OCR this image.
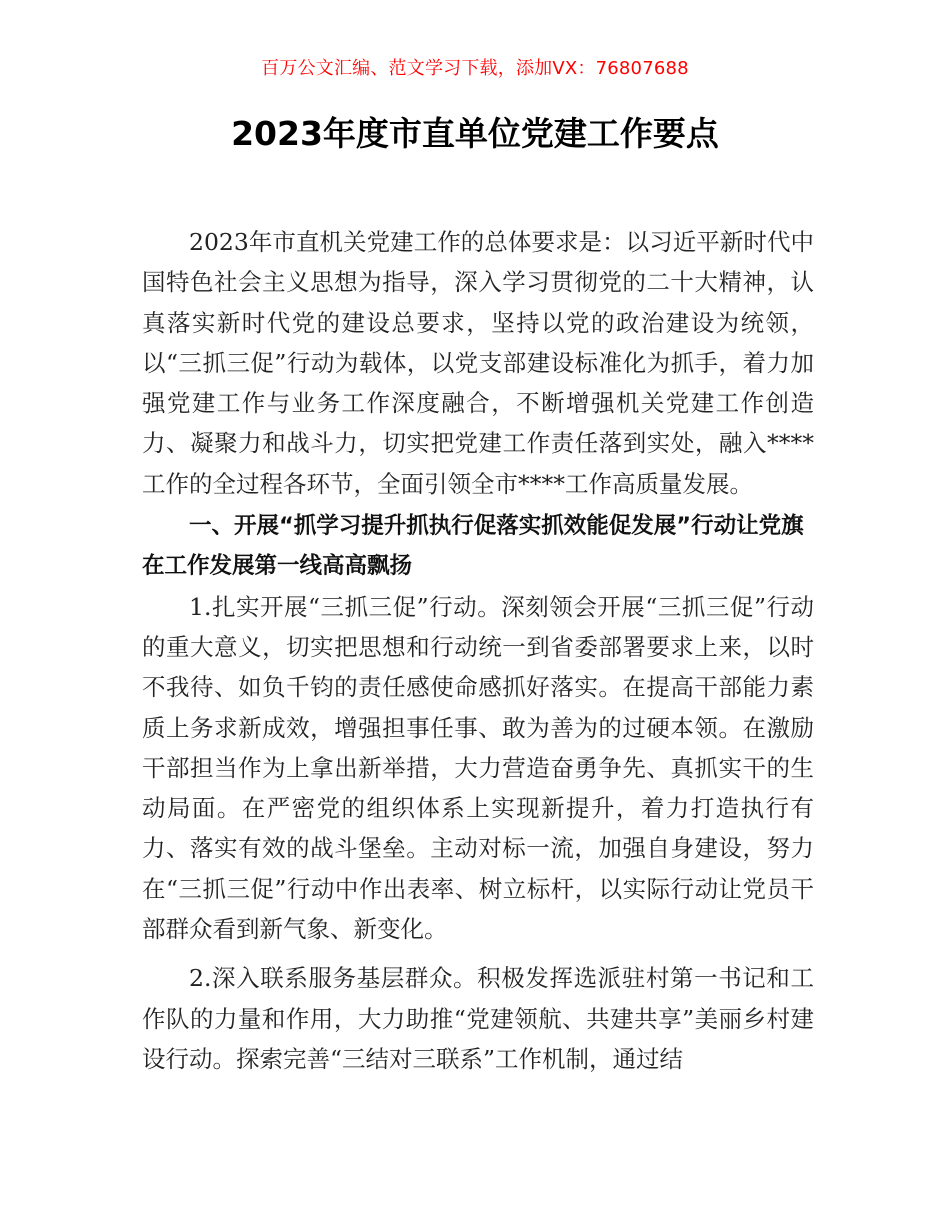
百万公文汇编、范文学习下载，添加VX：76807688
2023年度市直单位党建工作要点

2023年市直机关党建工作的总体要求是：以习近平新时代中国特色社会主义思想为指导，深入学习贯彻党的二十大精神，认真落实新时代党的建设总要求，坚持以党的政治建设为统领，以“三抓三促”行动为载体，以党支部建设标准化为抓手，着力加强党建工作与业务工作深度融合，不断增强机关党建工作创造力、凝聚力和战斗力，切实把党建工作责任落到实处，融入****工作的全过程各环节，全面引领全市****工作高质量发展。

一、开展“抓学习提升抓执行促落实抓效能促发展”行动让党旗在工作发展第一线高高飘扬

1.扎实开展“三抓三促”行动。深刻领会开展“三抓三促”行动的重大意义，切实把思想和行动统一到省委部署要求上来，以时不我待、如负千钧的责任感使命感抓好落实。在提高干部能力素质上务求新成效，增强担事任事、敢为善为的过硬本领。在激励干部担当作为上拿出新举措，大力营造奋勇争先、真抓实干的生动局面。在严密党的组织体系上实现新提升，着力打造执行有力、落实有效的战斗堡垒。主动对标一流，加强自身建设，努力在“三抓三促”行动中作出表率、树立标杆，以实际行动让党员干部群众看到新气象、新变化。

2.深入联系服务基层群众。积极发挥选派驻村第一书记和工作队的力量和作用，大力助推“党建领航、共建共享”美丽乡村建设行动。探索完善“三结对三联系”工作机制，通过结
